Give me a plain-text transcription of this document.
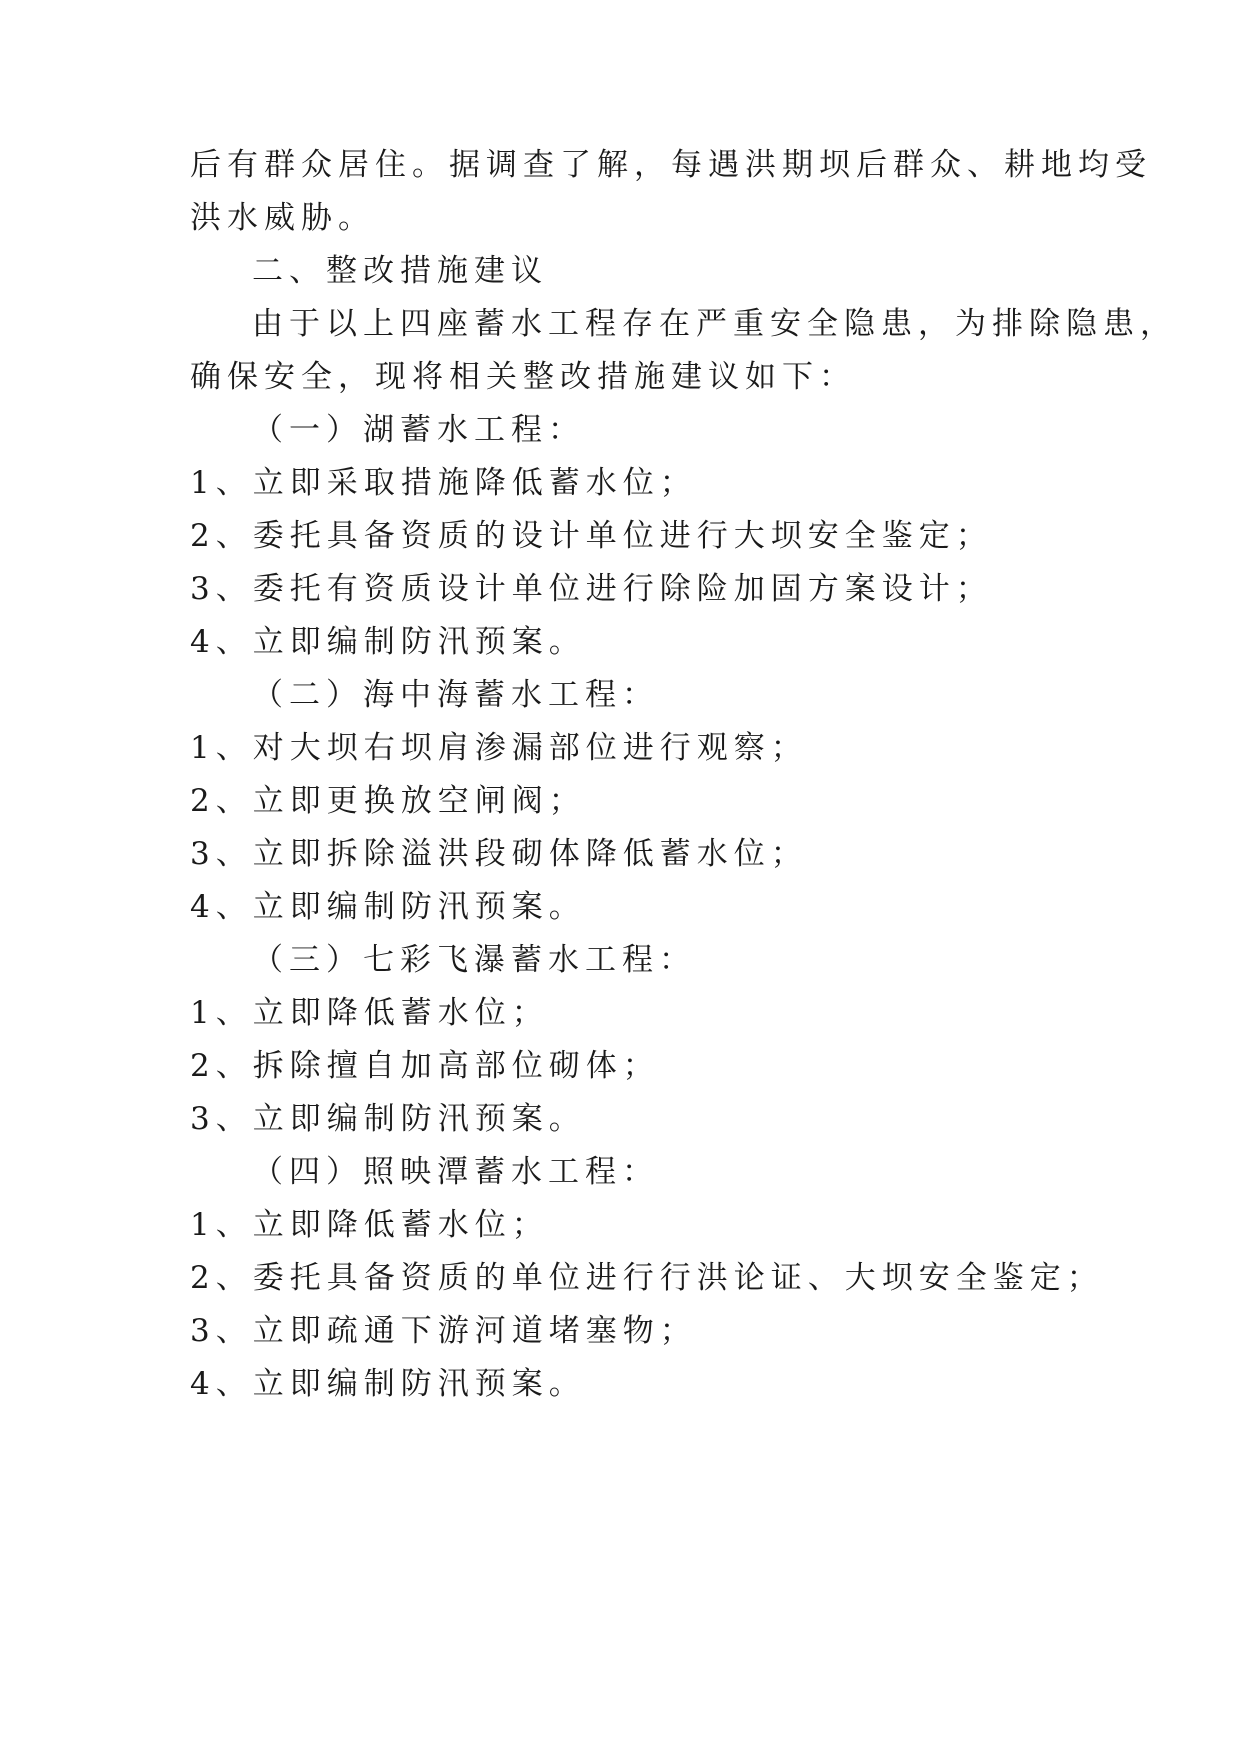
后有群众居住。据调查了解，每遇洪期坝后群众、耕地均受

洪水威胁。

二、整改措施建议

由于以上四座蓄水工程存在严重安全隐患，为排除隐患，

确保安全，现将相关整改措施建议如下：

（一）湖蓄水工程：

1、立即采取措施降低蓄水位；

2、委托具备资质的设计单位进行大坝安全鉴定；

3、委托有资质设计单位进行除险加固方案设计；

4、立即编制防汛预案。

（二）海中海蓄水工程：

1、对大坝右坝肩渗漏部位进行观察；

2、立即更换放空闸阀；

3、立即拆除溢洪段砌体降低蓄水位；

4、立即编制防汛预案。

（三）七彩飞瀑蓄水工程：

1、立即降低蓄水位；

2、拆除擅自加高部位砌体；

3、立即编制防汛预案。

（四）照映潭蓄水工程：

1、立即降低蓄水位；

2、委托具备资质的单位进行行洪论证、大坝安全鉴定；

3、立即疏通下游河道堵塞物；

4、立即编制防汛预案。
